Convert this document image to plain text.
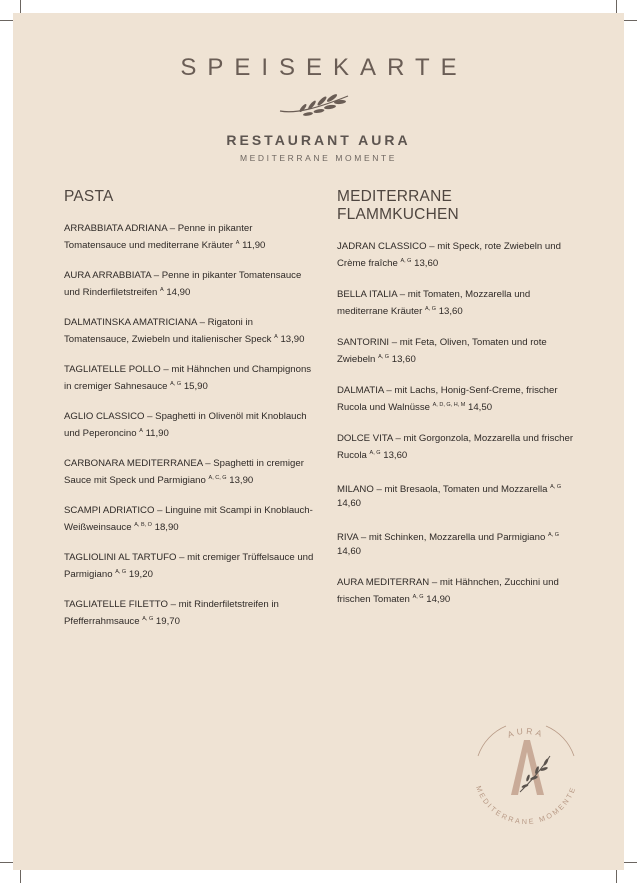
SPEISEKARTE
RESTAURANT AURA
MEDITERRANE MOMENTE
PASTA
ARRABBIATA ADRIANA – Penne in pikanter Tomatensauce und mediterrane Kräuter $^A$ 11,90
AURA ARRABBIATA – Penne in pikanter Tomatensauce und Rinderfiletstreifen $^A$ 14,90
DALMATINSKA AMATRICIANA – Rigatoni in Tomatensauce, Zwiebeln und italienischer Speck $^A$ 13,90
TAGLIATELLE POLLO – mit Hähnchen und Champignons in cremiger Sahnesauce $^{A, G}$ 15,90
AGLIO CLASSICO – Spaghetti in Olivenöl mit Knoblauch und Peperoncino $^A$ 11,90
CARBONARA MEDITERRANEA – Spaghetti in cremiger Sauce mit Speck und Parmigiano $^{A, C, G}$ 13,90
SCAMPI ADRIATICO – Linguine mit Scampi in Knoblauch-Weißweinsauce $^{A, B, O}$ 18,90
TAGLIOLINI AL TARTUFO – mit cremiger Trüffelsauce und Parmigiano $^{A, G}$ 19,20
TAGLIATELLE FILETTO – mit Rinderfiletstreifen in Pfefferrahmsauce $^{A, G}$ 19,70
MEDITERRANE FLAMMKUCHEN
JADRAN CLASSICO – mit Speck, rote Zwiebeln und Crème fraîche $^{A, G}$ 13,60
BELLA ITALIA – mit Tomaten, Mozzarella und mediterrane Kräuter $^{A, G}$ 13,60
SANTORINI – mit Feta, Oliven, Tomaten und rote Zwiebeln $^{A, G}$ 13,60
DALMATIA – mit Lachs, Honig-Senf-Creme, frischer Rucola und Walnüsse $^{A, D, G, H, M}$ 14,50
DOLCE VITA – mit Gorgonzola, Mozzarella und frischer Rucola $^{A, G}$ 13,60
MILANO – mit Bresaola, Tomaten und Mozzarella $^{A, G}$ 14,60
RIVA – mit Schinken, Mozzarella und Parmigiano $^{A, G}$ 14,60
AURA MEDITERRAN – mit Hähnchen, Zucchini und frischen Tomaten $^{A, G}$ 14,90
AURA
MEDITERRANE MOMENTE
